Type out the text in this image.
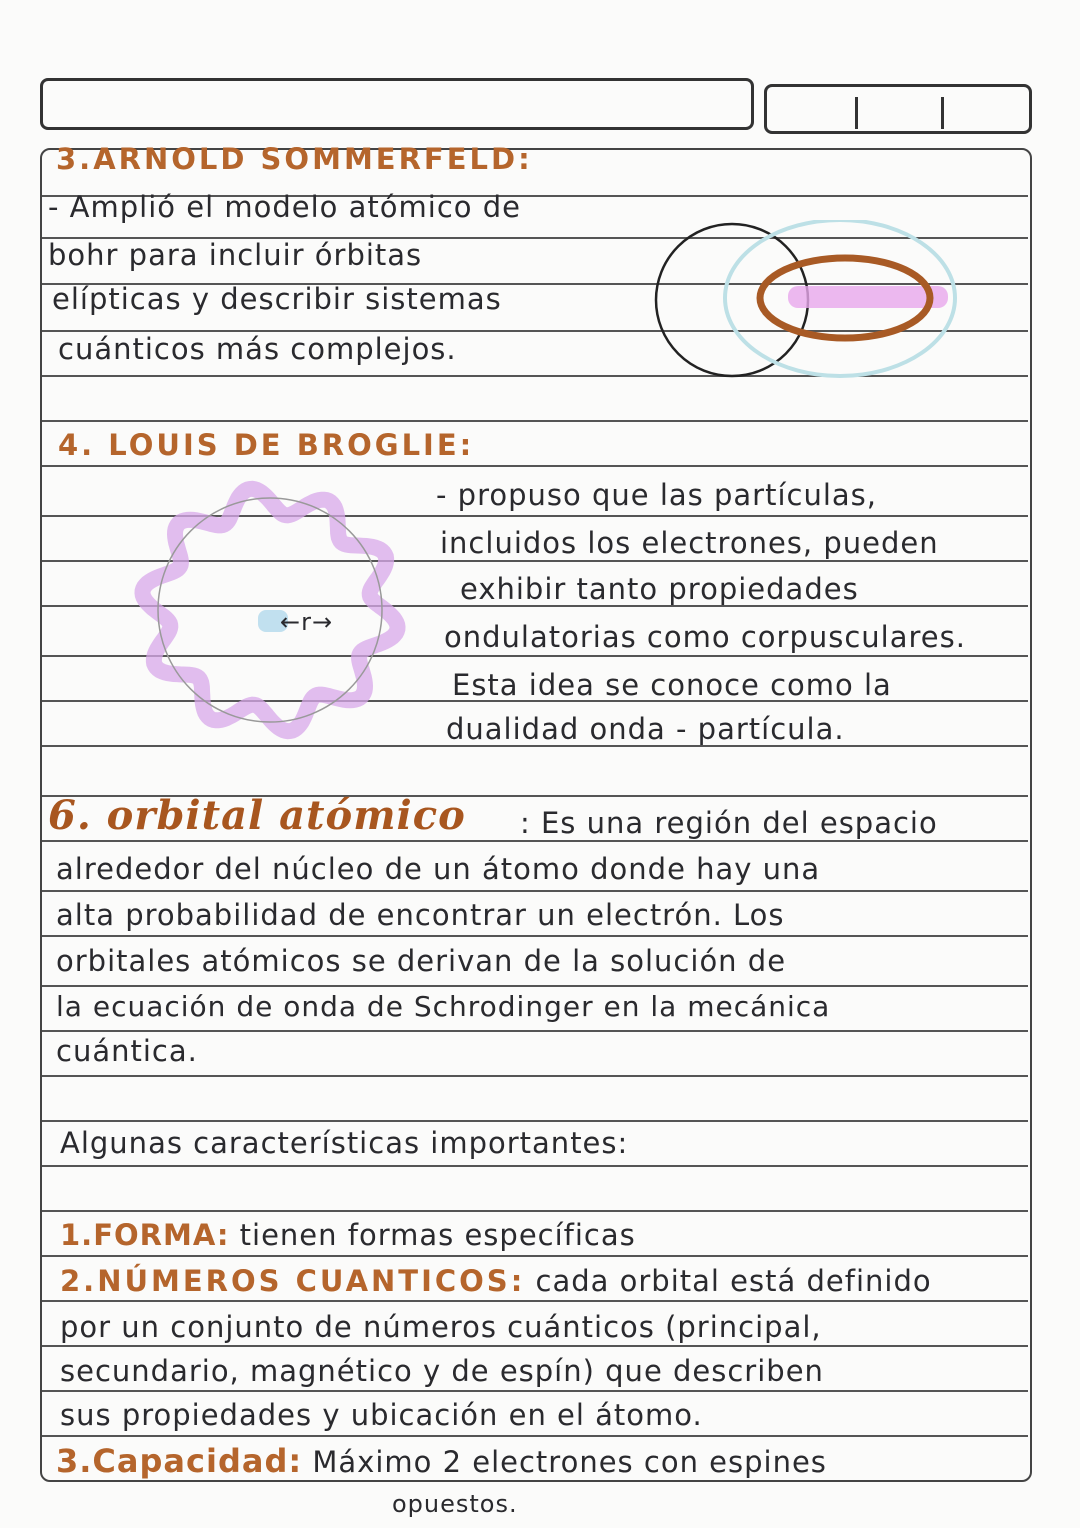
3.ARNOLD SOMMERFELD:
- Amplió el modelo atómico de
bohr para incluir órbitas
elípticas y describir sistemas
cuánticos más complejos.
4. LOUIS DE BROGLIE:
←r→
- propuso que las partículas,
incluidos los electrones, pueden
exhibir tanto propiedades
ondulatorias como corpusculares.
Esta idea se conoce como la
dualidad onda - partícula.
6. orbital atómico : Es una región del espacio
alrededor del núcleo de un átomo donde hay una
alta probabilidad de encontrar un electrón. Los
orbitales atómicos se derivan de la solución de
la ecuación de onda de Schrodinger en la mecánica
cuántica.
Algunas características importantes:
1.FORMA: tienen formas específicas
2.NÚMEROS CUANTICOS: cada orbital está definido
por un conjunto de números cuánticos (principal,
secundario, magnético y de espín) que describen
sus propiedades y ubicación en el átomo.
3.Capacidad: Máximo 2 electrones con espines
opuestos.
